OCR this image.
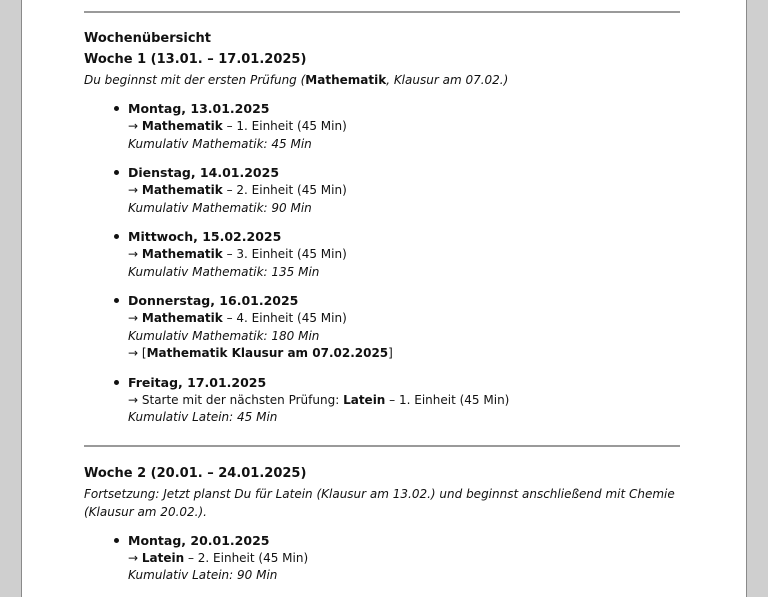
Wochenübersicht
Woche 1 (13.01. – 17.01.2025)
Du beginnst mit der ersten Prüfung (Mathematik, Klausur am 07.02.)
Montag, 13.01.2025
→ Mathematik – 1. Einheit (45 Min)
Kumulativ Mathematik: 45 Min
Dienstag, 14.01.2025
→ Mathematik – 2. Einheit (45 Min)
Kumulativ Mathematik: 90 Min
Mittwoch, 15.02.2025
→ Mathematik – 3. Einheit (45 Min)
Kumulativ Mathematik: 135 Min
Donnerstag, 16.01.2025
→ Mathematik – 4. Einheit (45 Min)
Kumulativ Mathematik: 180 Min
→ [Mathematik Klausur am 07.02.2025]
Freitag, 17.01.2025
→ Starte mit der nächsten Prüfung: Latein – 1. Einheit (45 Min)
Kumulativ Latein: 45 Min
Woche 2 (20.01. – 24.01.2025)
Fortsetzung: Jetzt planst Du für Latein (Klausur am 13.02.) und beginnst anschließend mit Chemie (Klausur am 20.02.).
Montag, 20.01.2025
→ Latein – 2. Einheit (45 Min)
Kumulativ Latein: 90 Min
